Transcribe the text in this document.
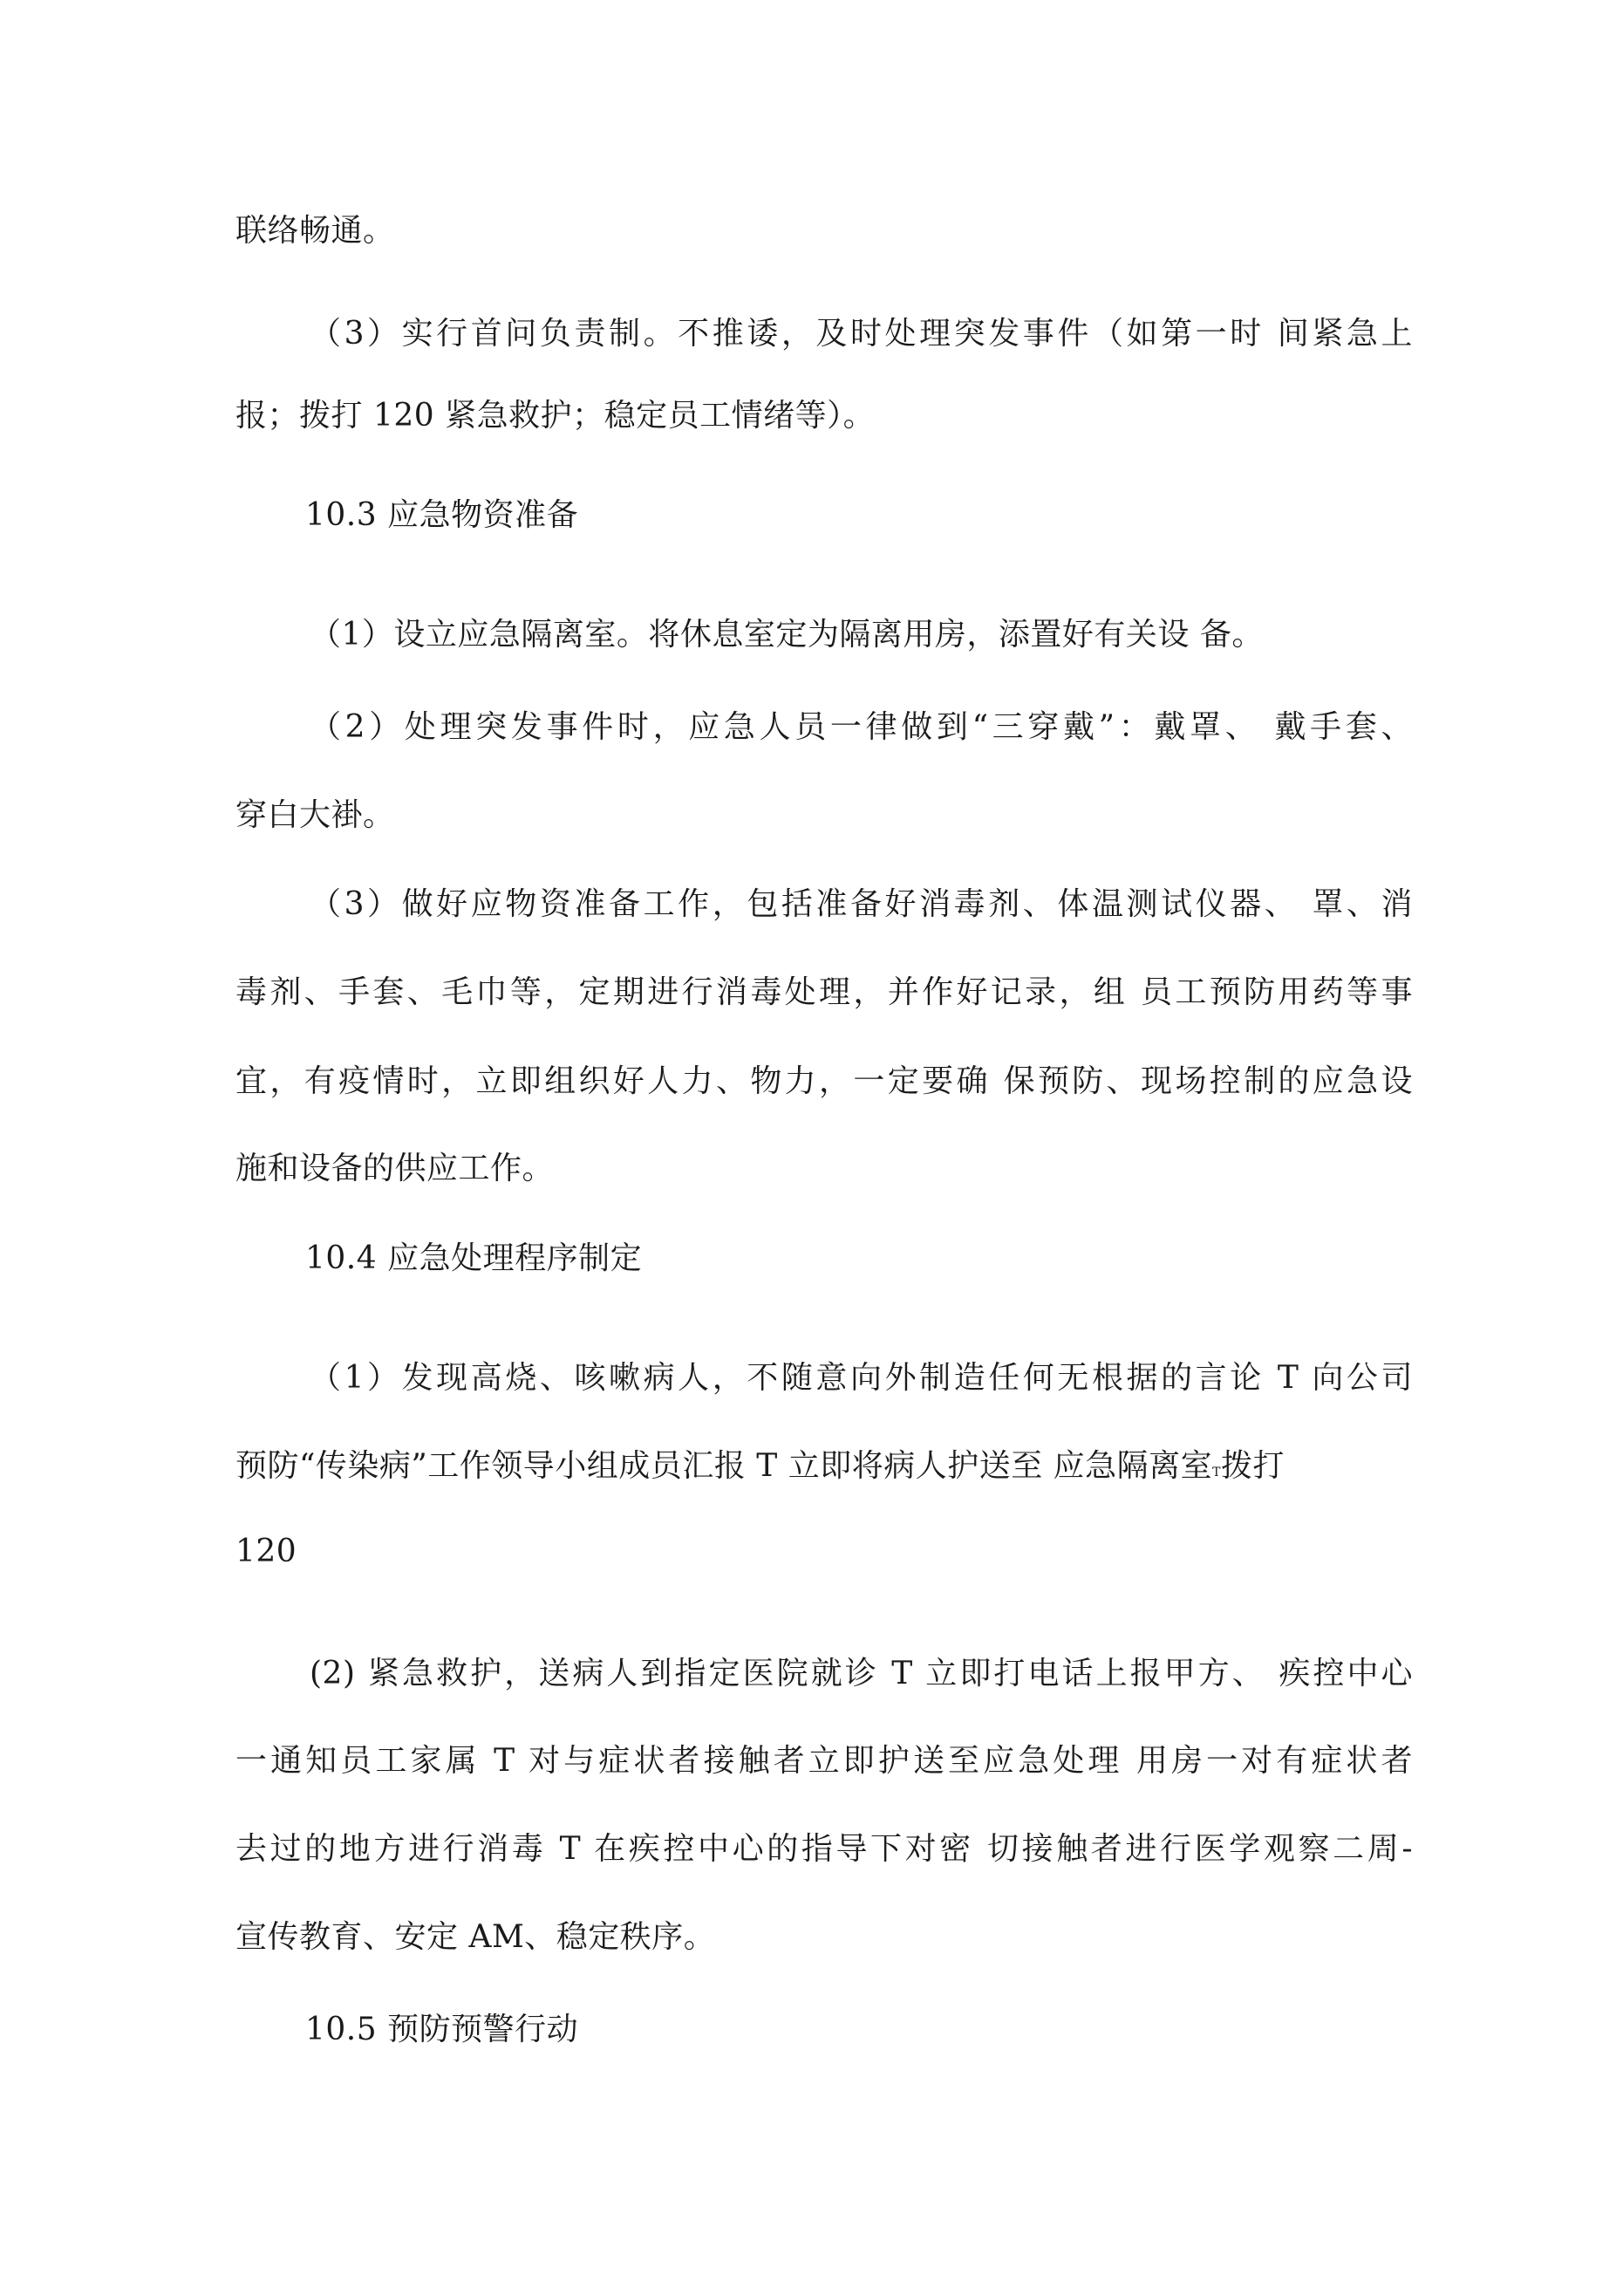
联络畅通。
（3）实行首问负责制。不推诿，及时处理突发事件（如第一时 间紧急上
报；拨打 120 紧急救护；稳定员工情绪等）。
10.3 应急物资准备
（1）设立应急隔离室。将休息室定为隔离用房，添置好有关设 备。
（2）处理突发事件时，应急人员一律做到“三穿戴”：戴罩、 戴手套、
穿白大褂。
（3）做好应物资准备工作，包括准备好消毒剂、体温测试仪器、 罩、消
毒剂、手套、毛巾等，定期进行消毒处理，并作好记录，组 员工预防用药等事
宜，有疫情时，立即组织好人力、物力，一定要确 保预防、现场控制的应急设
施和设备的供应工作。
10.4 应急处理程序制定
（1）发现高烧、咳嗽病人，不随意向外制造任何无根据的言论 T 向公司
预防“传染病”工作领导小组成员汇报 T 立即将病人护送至 应急隔离室T拨打
120
(2) 紧急救护，送病人到指定医院就诊 T 立即打电话上报甲方、 疾控中心
一通知员工家属 T 对与症状者接触者立即护送至应急处理 用房一对有症状者
去过的地方进行消毒 T 在疾控中心的指导下对密 切接触者进行医学观察二周-
宣传教育、安定 AM、稳定秩序。
10.5 预防预警行动
